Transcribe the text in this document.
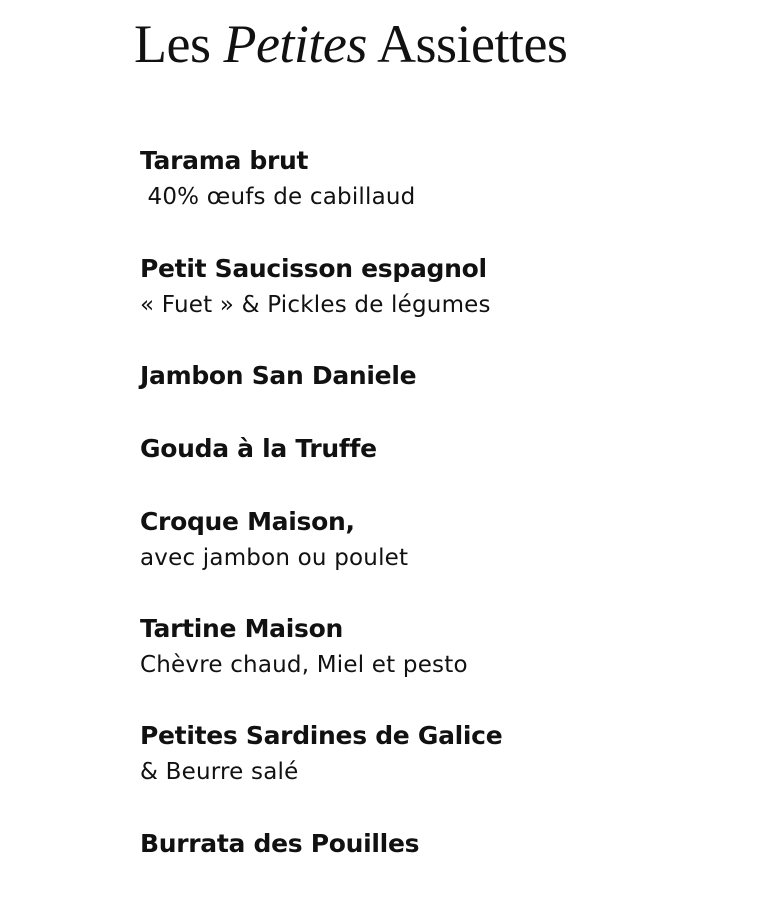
Les Petites Assiettes
Tarama brut
40% œufs de cabillaud
Petit Saucisson espagnol
« Fuet » & Pickles de légumes
Jambon San Daniele
Gouda à la Truffe
Croque Maison,
avec jambon ou poulet
Tartine Maison
Chèvre chaud, Miel et pesto
Petites Sardines de Galice
& Beurre salé
Burrata des Pouilles
